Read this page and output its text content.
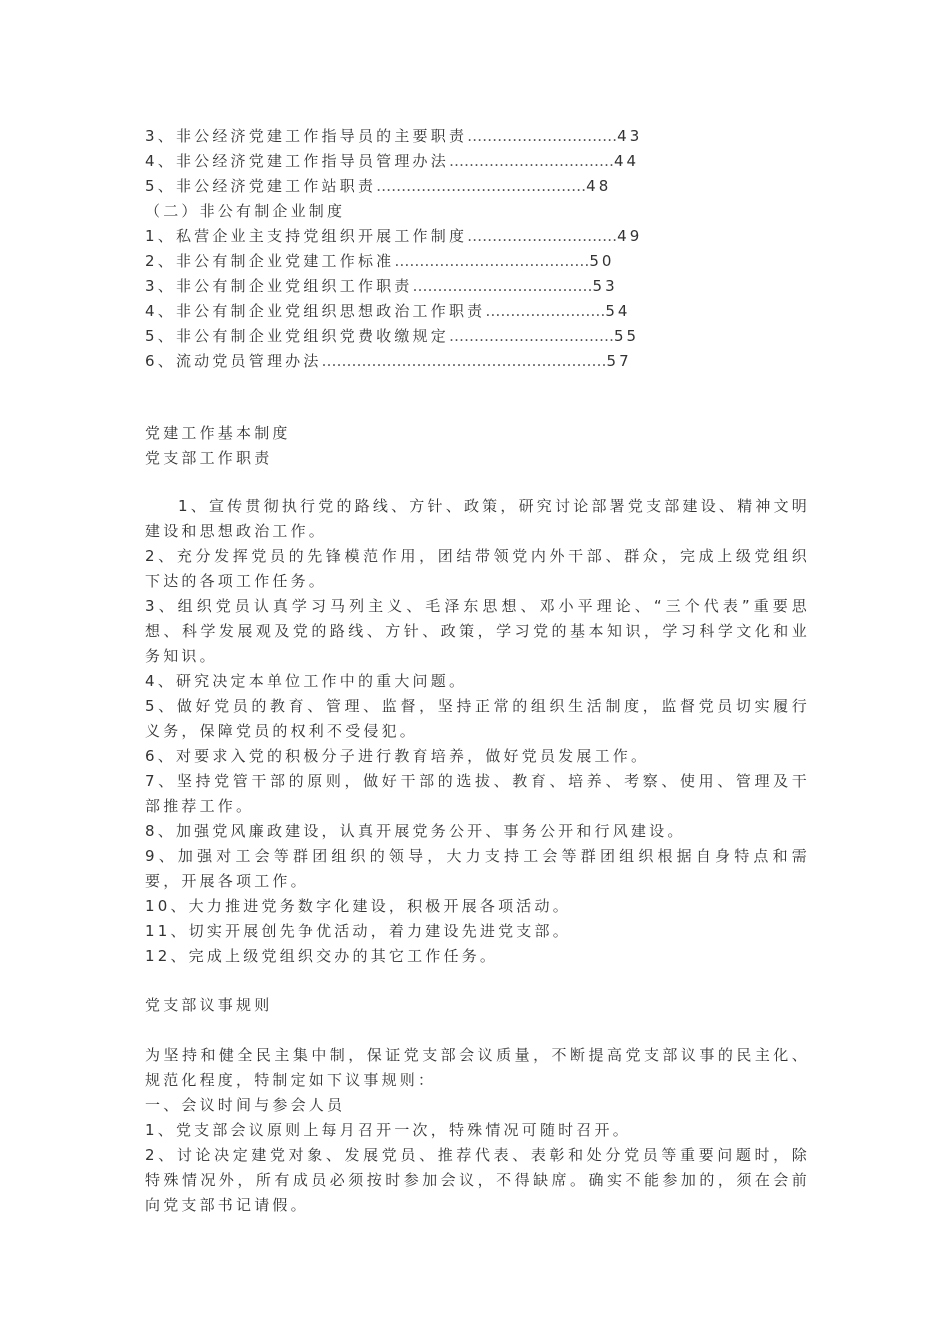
3、非公经济党建工作指导员的主要职责…………………………43
4、非公经济党建工作指导员管理办法……………………………44
5、非公经济党建工作站职责……………………………………48
（二）非公有制企业制度
1、私营企业主支持党组织开展工作制度…………………………49
2、非公有制企业党建工作标准…………………………………50
3、非公有制企业党组织工作职责………………………………53
4、非公有制企业党组织思想政治工作职责……………………54
5、非公有制企业党组织党费收缴规定……………………………55
6、流动党员管理办法…………………………………………………57
党建工作基本制度
党支部工作职责
1、宣传贯彻执行党的路线、方针、政策，研究讨论部署党支部建设、精神文明建设和思想政治工作。
2、充分发挥党员的先锋模范作用，团结带领党内外干部、群众，完成上级党组织下达的各项工作任务。
3、组织党员认真学习马列主义、毛泽东思想、邓小平理论、“三个代表”重要思想、科学发展观及党的路线、方针、政策，学习党的基本知识，学习科学文化和业务知识。
4、研究决定本单位工作中的重大问题。
5、做好党员的教育、管理、监督，坚持正常的组织生活制度，监督党员切实履行义务，保障党员的权利不受侵犯。
6、对要求入党的积极分子进行教育培养，做好党员发展工作。
7、坚持党管干部的原则，做好干部的选拔、教育、培养、考察、使用、管理及干部推荐工作。
8、加强党风廉政建设，认真开展党务公开、事务公开和行风建设。
9、加强对工会等群团组织的领导，大力支持工会等群团组织根据自身特点和需要，开展各项工作。
10、大力推进党务数字化建设，积极开展各项活动。
11、切实开展创先争优活动，着力建设先进党支部。
12、完成上级党组织交办的其它工作任务。
党支部议事规则
为坚持和健全民主集中制，保证党支部会议质量，不断提高党支部议事的民主化、规范化程度，特制定如下议事规则：
一、会议时间与参会人员
1、党支部会议原则上每月召开一次，特殊情况可随时召开。
2、讨论决定建党对象、发展党员、推荐代表、表彰和处分党员等重要问题时，除特殊情况外，所有成员必须按时参加会议，不得缺席。确实不能参加的，须在会前向党支部书记请假。
